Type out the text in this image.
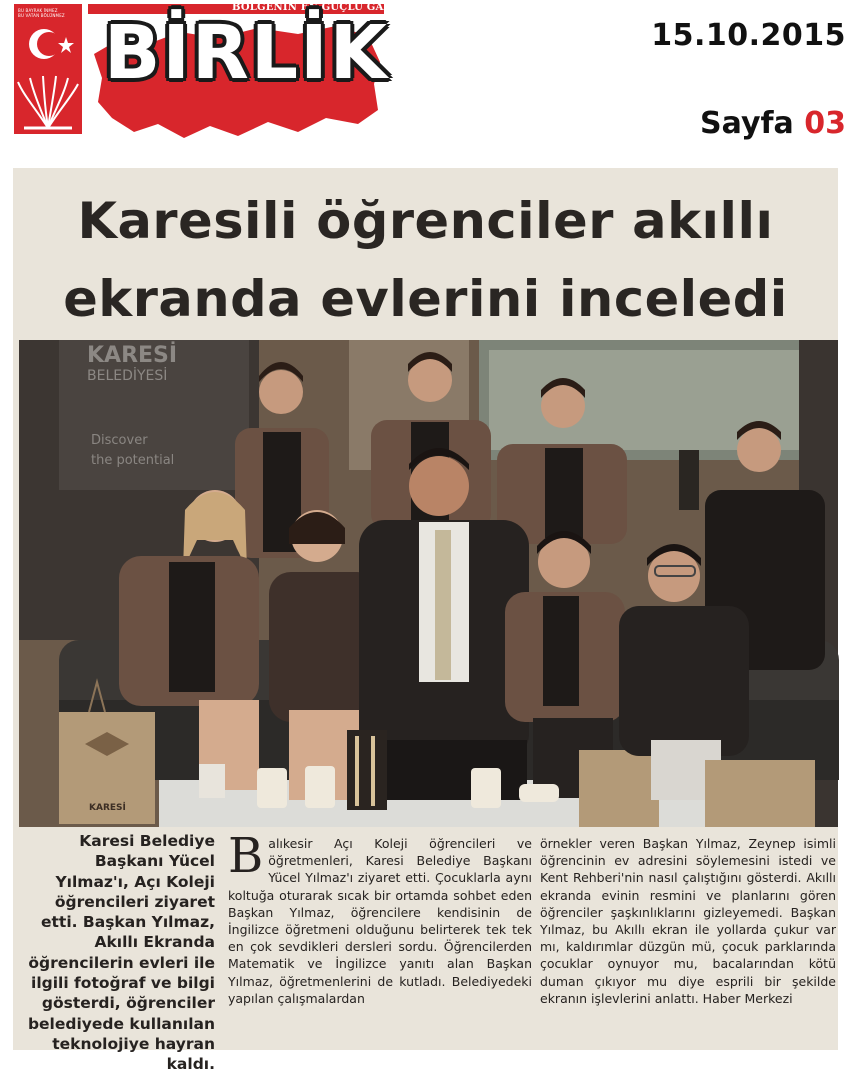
BU BAYRAK İNMEZ
BU VATAN BÖLÜNMEZ
BÖLGENİN EN GÜÇLÜ GAZETESİ
BİRLİK	15.10.2015
Sayfa 03
Karesili öğrenciler akıllı
ekranda evlerini inceledi
KARESİ
BELEDİYESİ
Discover
the potential
KARESİ
Karesi Belediye Başkanı Yücel Yılmaz'ı, Açı Koleji öğrencileri ziyaret etti. Başkan Yılmaz, Akıllı Ekranda öğrencilerin evleri ile ilgili fotoğraf ve bilgi gösterdi, öğrenciler belediyede kullanılan teknolojiye hayran kaldı.
B alıkesir Açı Koleji öğrencileri ve öğretmenleri, Karesi Belediye Başkanı Yücel Yılmaz'ı ziyaret etti. Çocuklarla aynı koltuğa oturarak sıcak bir ortamda sohbet eden Başkan Yılmaz, öğrencilere kendisinin de İngilizce öğretmeni olduğunu belirterek tek tek en çok sevdikleri dersleri sordu. Öğrencilerden Matematik ve İngilizce yanıtı alan Başkan Yılmaz, öğretmenlerini de kutladı. Belediyedeki yapılan çalışmalardan

örnekler veren Başkan Yılmaz, Zeynep isimli öğrencinin ev adresini söylemesini istedi ve Kent Rehberi'nin nasıl çalıştığını gösterdi. Akıllı ekranda evinin resmini ve planlarını gören öğrenciler şaşkınlıklarını gizleyemedi. Başkan Yılmaz, bu Akıllı ekran ile yollarda çukur var mı, kaldırımlar düzgün mü, çocuk parklarında çocuklar oynuyor mu, bacalarından kötü duman çıkıyor mu diye esprili bir şekilde ekranın işlevlerini anlattı. Haber Merkezi
